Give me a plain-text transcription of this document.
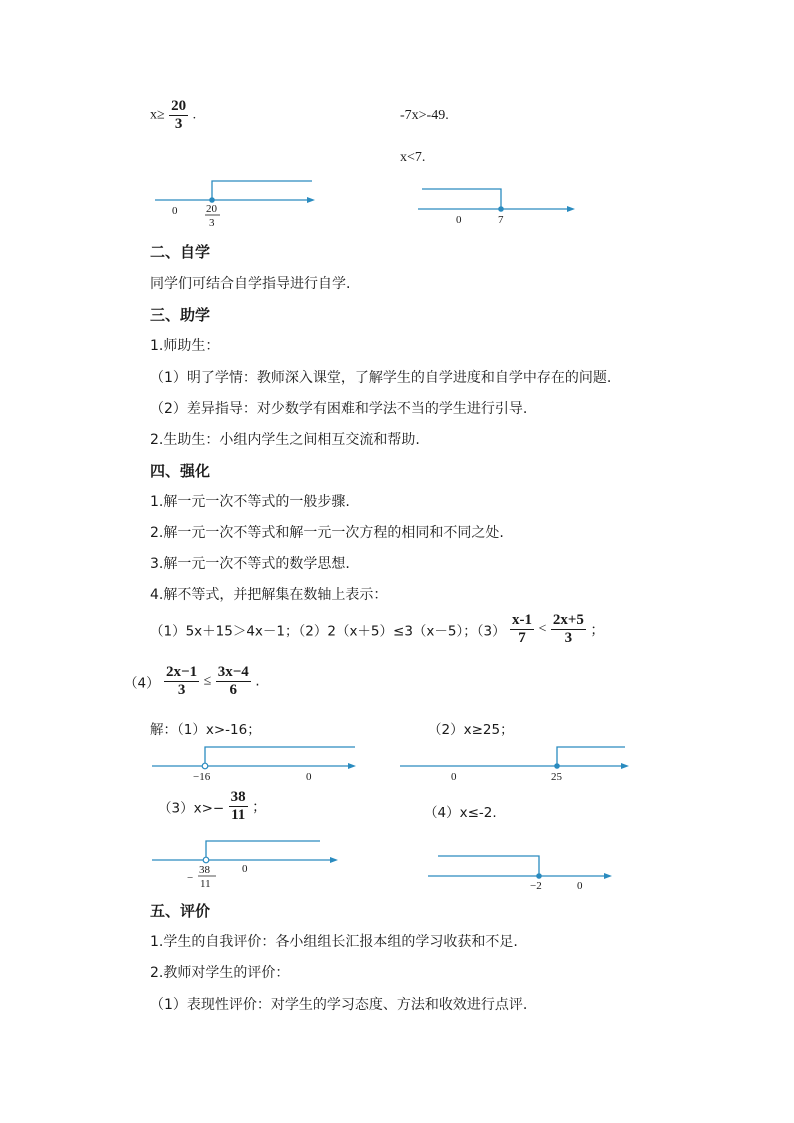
$x\ge \frac{20}{3}$ .	-7x>-49.
x<7.
0	20
3	0	7
二、自学
同学们可结合自学指导进行自学.
三、助学
1.师助生：
（1）明了学情：教师深入课堂，了解学生的自学进度和自学中存在的问题.
（2）差异指导：对少数学有困难和学法不当的学生进行引导.
2.生助生：小组内学生之间相互交流和帮助.
四、强化
1.解一元一次不等式的一般步骤.
2.解一元一次不等式和解一元一次方程的相同和不同之处.
3.解一元一次不等式的数学思想.
4.解不等式，并把解集在数轴上表示：
（1）5x＋15＞4x－1；（2）2（x＋5）≤3（x－5）；$(3) \frac{x-1}{7} < \frac{2x+5}{3}$ ；
$(4) \frac{2x-1}{3} \le \frac{3x-4}{6}$ .
解：（1）x>-16；	（2）x≥25；
−16	0	0	25
$(3)x>- \frac{38}{11}$ ；	（4）x≤-2.
−
38
11
0
−2	0
五、评价
1.学生的自我评价：各小组组长汇报本组的学习收获和不足.
2.教师对学生的评价：
（1）表现性评价：对学生的学习态度、方法和收效进行点评.
